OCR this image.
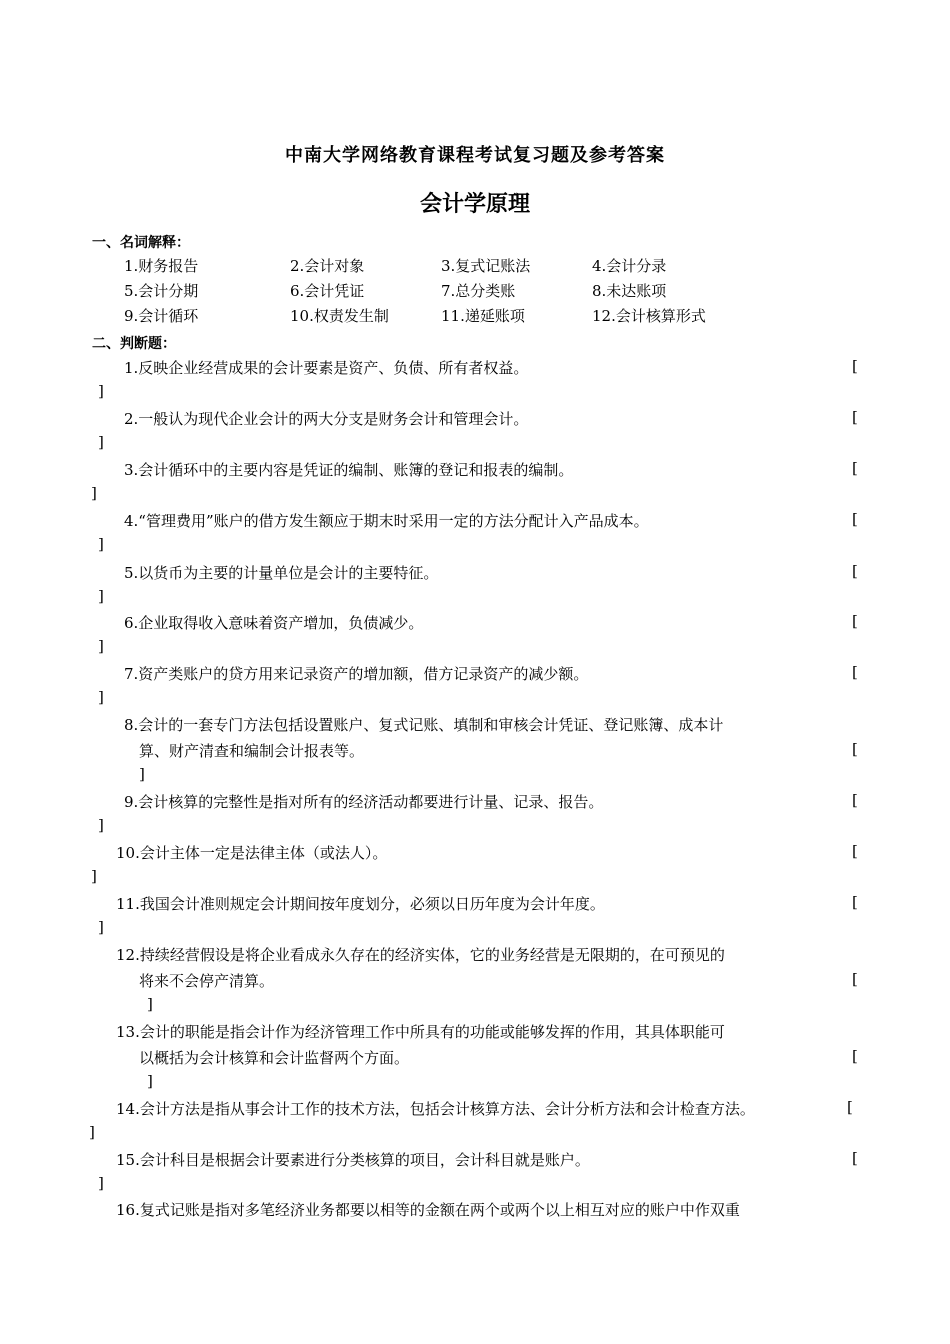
中南大学网络教育课程考试复习题及参考答案
会计学原理
一、名词解释：
1.财务报告	2.会计对象	3.复式记账法	4.会计分录
5.会计分期	6.会计凭证	7.总分类账	8.未达账项
9.会计循环	10.权责发生制	11.递延账项	12.会计核算形式
二、判断题：
1.反映企业经营成果的会计要素是资产、负债、所有者权益。	[
]
2.一般认为现代企业会计的两大分支是财务会计和管理会计。	[
]
3.会计循环中的主要内容是凭证的编制、账簿的登记和报表的编制。	[
]
4.“管理费用”账户的借方发生额应于期末时采用一定的方法分配计入产品成本。	[
]
5.以货币为主要的计量单位是会计的主要特征。	[
]
6.企业取得收入意味着资产增加，负债减少。	[
]
7.资产类账户的贷方用来记录资产的增加额，借方记录资产的减少额。	[
]
8.会计的一套专门方法包括设置账户、复式记账、填制和审核会计凭证、登记账簿、成本计
算、财产清查和编制会计报表等。	[
]
9.会计核算的完整性是指对所有的经济活动都要进行计量、记录、报告。	[
]
10.会计主体一定是法律主体（或法人）。	[
]
11.我国会计准则规定会计期间按年度划分，必须以日历年度为会计年度。	[
]
12.持续经营假设是将企业看成永久存在的经济实体，它的业务经营是无限期的，在可预见的
将来不会停产清算。	[
]
13.会计的职能是指会计作为经济管理工作中所具有的功能或能够发挥的作用，其具体职能可
以概括为会计核算和会计监督两个方面。	[
]
14.会计方法是指从事会计工作的技术方法，包括会计核算方法、会计分析方法和会计检查方法。	[
]
15.会计科目是根据会计要素进行分类核算的项目，会计科目就是账户。	[
]
16.复式记账是指对多笔经济业务都要以相等的金额在两个或两个以上相互对应的账户中作双重
